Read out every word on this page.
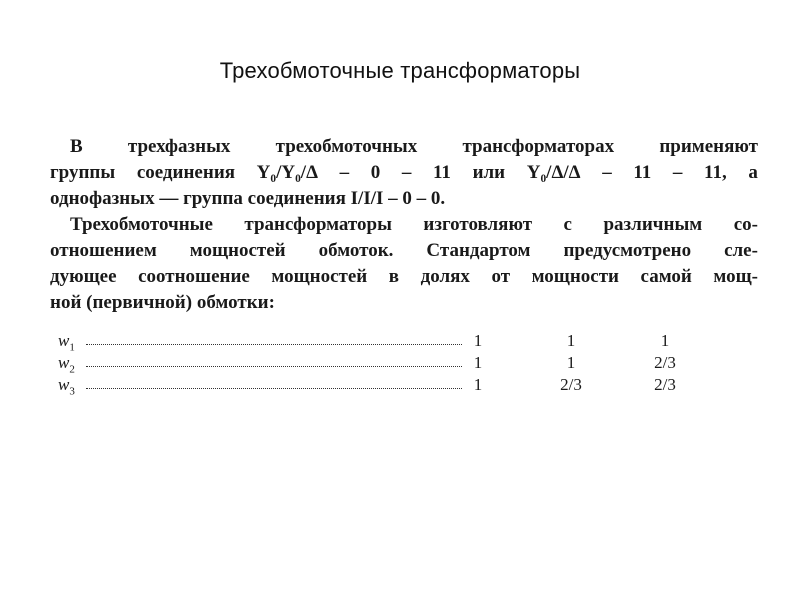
Трехобмоточные трансформаторы
В трехфазных трехобмоточных трансформаторах применяют
группы соединения Y₀/Y₀/Δ – 0 – 11 или Y₀/Δ/Δ – 11 – 11, а
однофазных — группа соединения I/I/I – 0 – 0.
Трехобмоточные трансформаторы изготовляют с различным со-
отношением мощностей обмоток. Стандартом предусмотрено сле-
дующее соотношение мощностей в долях от мощности самой мощ-
ной (первичной) обмотки:
$w_1$	1	1	1
$w_2$	1	1	2/3
$w_3$	1	2/3	2/3
